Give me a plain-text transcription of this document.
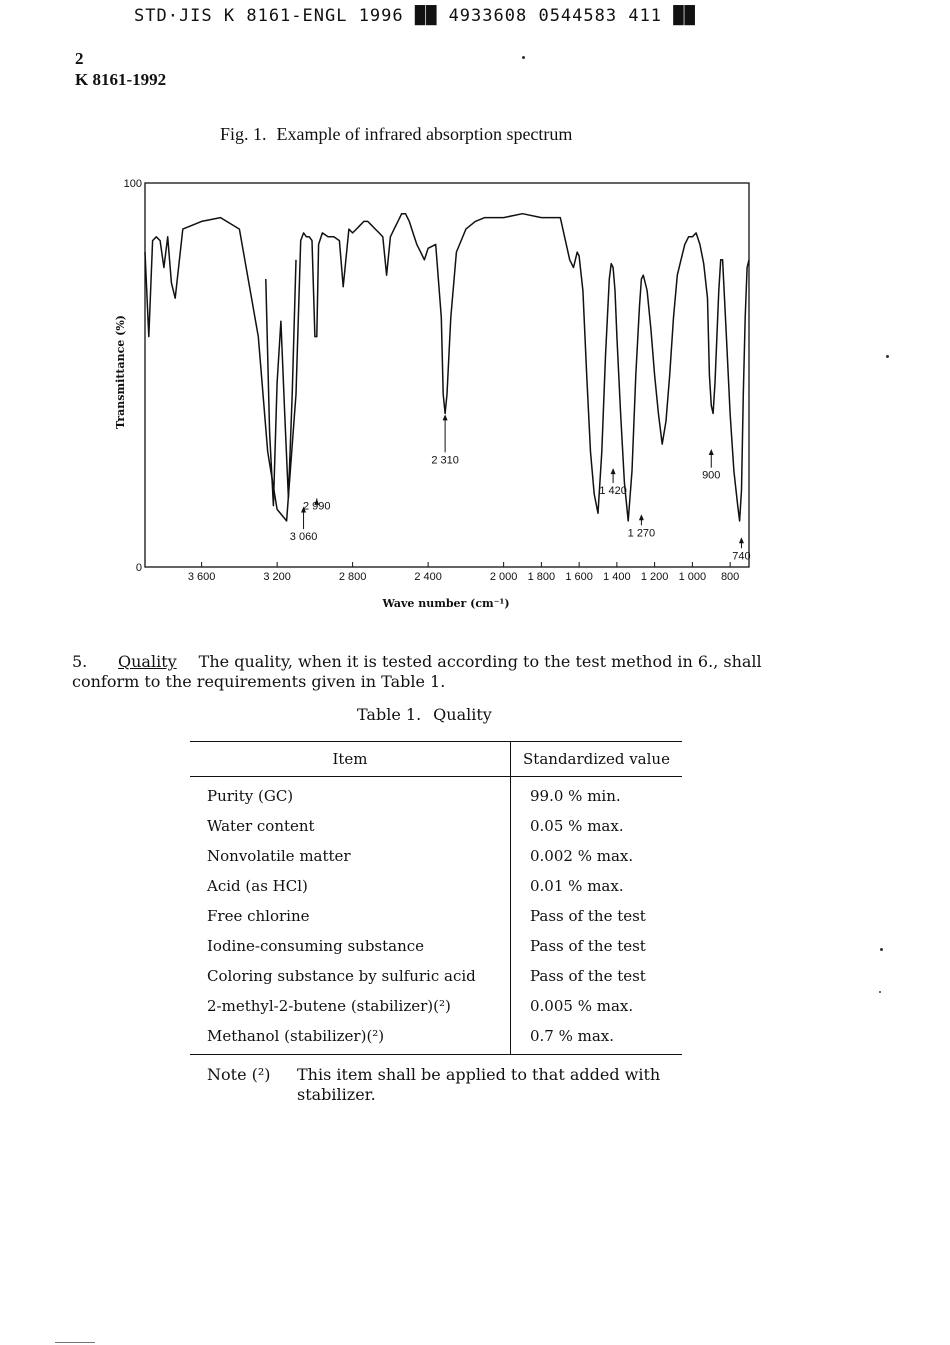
STD·JIS K 8161-ENGL 1996 ██ 4933608 0544583 411 ██
2
K 8161-1992
Fig. 1. Example of infrared absorption spectrum
100
0
3 600	3 200	2 800	2 400	2 000 1 800 1 600 1 400 1 200 1 000 800
3 060
2 990
2 310
1 420
1 270
900
740
Transmittance (%)
Wave number (cm⁻¹)
5. Quality The quality, when it is tested according to the test method in 6., shall conform to the requirements given in Table 1.
Table 1. Quality
Item	Standardized value
Purity (GC)	99.0 % min.
Water content	0.05 % max.
Nonvolatile matter	0.002 % max.
Acid (as HCl)	0.01 % max.
Free chlorine	Pass of the test
Iodine-consuming substance	Pass of the test
Coloring substance by sulfuric acid	Pass of the test
2-methyl-2-butene (stabilizer)(²)	0.005 % max.
Methanol (stabilizer)(²)	0.7 % max.
Note (²) This item shall be applied to that added with stabilizer.
